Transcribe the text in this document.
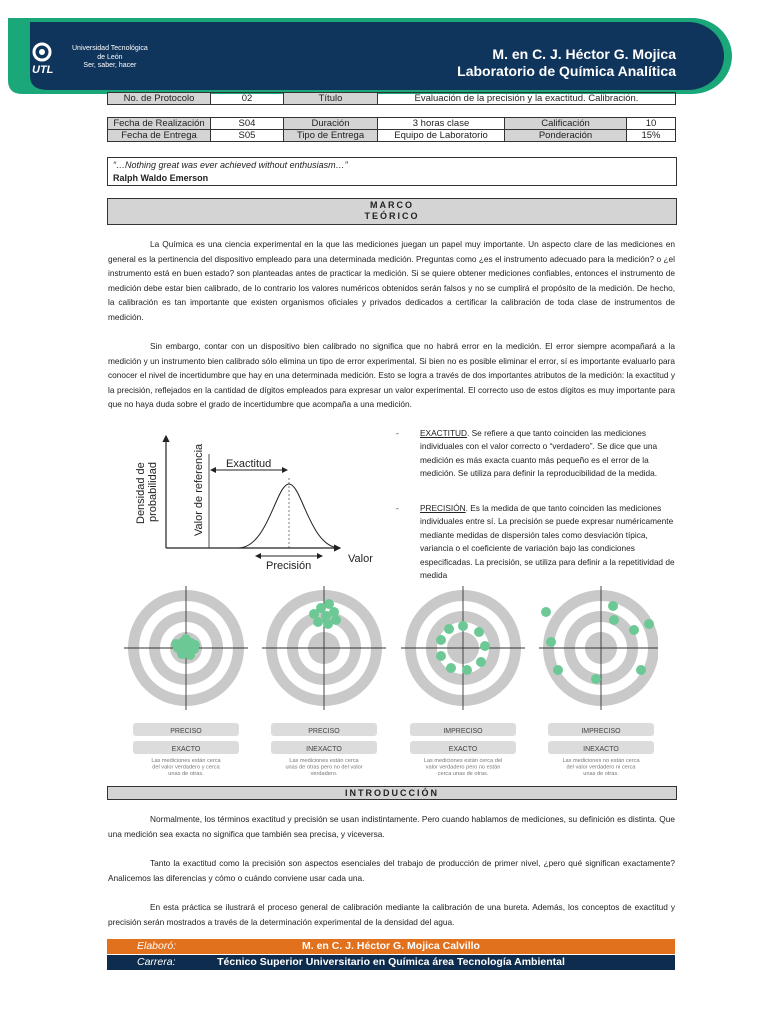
UTL
Universidad Tecnológica
de León
Ser, saber, hacer
M. en C. J. Héctor G. Mojica
Laboratorio de Química Analítica
No. de Protocolo	02	Título	Evaluación de la precisión y la exactitud. Calibración.
Fecha de Realización	S04	Duración	3 horas clase	Calificación	10
Fecha de Entrega	S05	Tipo de Entrega	Equipo de Laboratorio	Ponderación	15%
“…Nothing great was ever achieved without enthusiasm…”
Ralph Waldo Emerson
MARCO
TEÓRICO

La Química es una ciencia experimental en la que las mediciones juegan un papel muy importante. Un aspecto clare de las mediciones en general es la pertinencia del dispositivo empleado para una determinada medición. Preguntas como ¿es el instrumento adecuado para la medición? o ¿el instrumento está en buen estado? son planteadas antes de practicar la medición. Si se quiere obtener mediciones confiables, entonces el instrumento de medición debe estar bien calibrado, de lo contrario los valores numéricos obtenidos serán falsos y no se cumplirá el propósito de la medición. De hecho, la calibración es tan importante que existen organismos oficiales y privados dedicados a certificar la calibración de toda clase de instrumentos de medición.

Sin embargo, contar con un dispositivo bien calibrado no significa que no habrá error en la medición. El error siempre acompañará a la medición y un instrumento bien calibrado sólo elimina un tipo de error experimental. Si bien no es posible eliminar el error, sí es importante evaluarlo para conocer el nivel de incertidumbre que hay en una determinada medición. Esto se logra a través de dos importantes atributos de la medición: la exactitud y la precisión, reflejados en la cantidad de dígitos empleados para expresar un valor experimental. El correcto uso de estos dígitos es muy importante para que no haya duda sobre el grado de incertidumbre que acompaña a una medición.

-	EXACTITUD. Se refiere a que tanto coinciden las mediciones individuales con el valor correcto o “verdadero”. Se dice que una medición es más exacta cuanto más pequeño es el error de la medición. Se utiliza para definir la reproducibilidad de la medida.
-	PRECISIÓN. Es la medida de que tanto coinciden las mediciones individuales entre sí. La precisión se puede expresar numéricamente mediante medidas de dispersión tales como desviación típica, variancia o el coeficiente de variación bajo las condiciones especificadas. La precisión, se utiliza para definir a la repetitividad de medida
Exactitud
Precisión
Valor
Valor de referencia
Densidad de probabilidad
PRECISO
EXACTO
Las mediciones están cerca
del valor verdadero y cerca
unas de otras.
PRECISO
INEXACTO
Las mediciones están cerca
unas de otras pero no del valor
verdadero.
IMPRECISO
EXACTO
Las mediciones están cerca del
valor verdadero pero no están
cerca unas de otras.
IMPRECISO
INEXACTO
Las mediciones no están cerca
del valor verdadero ni cerca
unas de otras.
INTRODUCCIÓN

Normalmente, los términos exactitud y precisión se usan indistintamente. Pero cuando hablamos de mediciones, su definición es distinta. Que una medición sea exacta no significa que también sea precisa, y viceversa.

Tanto la exactitud como la precisión son aspectos esenciales del trabajo de producción de primer nivel, ¿pero qué significan exactamente? Analicemos las diferencias y cómo o cuándo conviene usar cada una.

En esta práctica se ilustrará el proceso general de calibración mediante la calibración de una bureta. Además, los conceptos de exactitud y precisión serán mostrados a través de la determinación experimental de la densidad del agua.

Elaboró:	M. en C. J. Héctor G. Mojica Calvillo
Carrera:	Técnico Superior Universitario en Química área Tecnología Ambiental
